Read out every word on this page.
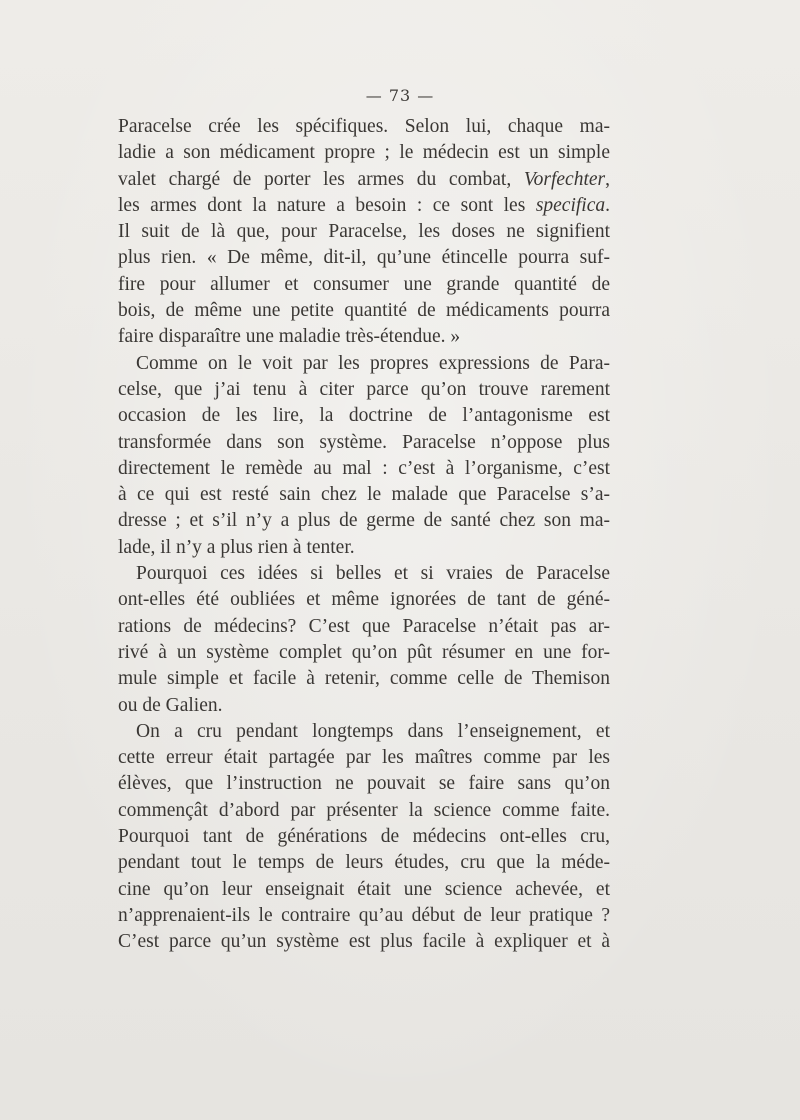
— 73 —
Paracelse crée les spécifiques. Selon lui, chaque ma-
ladie a son médicament propre ; le médecin est un simple
valet chargé de porter les armes du combat, Vorfechter,
les armes dont la nature a besoin : ce sont les specifica.
Il suit de là que, pour Paracelse, les doses ne signifient
plus rien. « De même, dit-il, qu’une étincelle pourra suf-
fire pour allumer et consumer une grande quantité de
bois, de même une petite quantité de médicaments pourra
faire disparaître une maladie très-étendue. »
Comme on le voit par les propres expressions de Para-
celse, que j’ai tenu à citer parce qu’on trouve rarement
occasion de les lire, la doctrine de l’antagonisme est
transformée dans son système. Paracelse n’oppose plus
directement le remède au mal : c’est à l’organisme, c’est
à ce qui est resté sain chez le malade que Paracelse s’a-
dresse ; et s’il n’y a plus de germe de santé chez son ma-
lade, il n’y a plus rien à tenter.
Pourquoi ces idées si belles et si vraies de Paracelse
ont-elles été oubliées et même ignorées de tant de géné-
rations de médecins? C’est que Paracelse n’était pas ar-
rivé à un système complet qu’on pût résumer en une for-
mule simple et facile à retenir, comme celle de Themison
ou de Galien.
On a cru pendant longtemps dans l’enseignement, et
cette erreur était partagée par les maîtres comme par les
élèves, que l’instruction ne pouvait se faire sans qu’on
commençât d’abord par présenter la science comme faite.
Pourquoi tant de générations de médecins ont-elles cru,
pendant tout le temps de leurs études, cru que la méde-
cine qu’on leur enseignait était une science achevée, et
n’apprenaient-ils le contraire qu’au début de leur pratique ?
C’est parce qu’un système est plus facile à expliquer et à
